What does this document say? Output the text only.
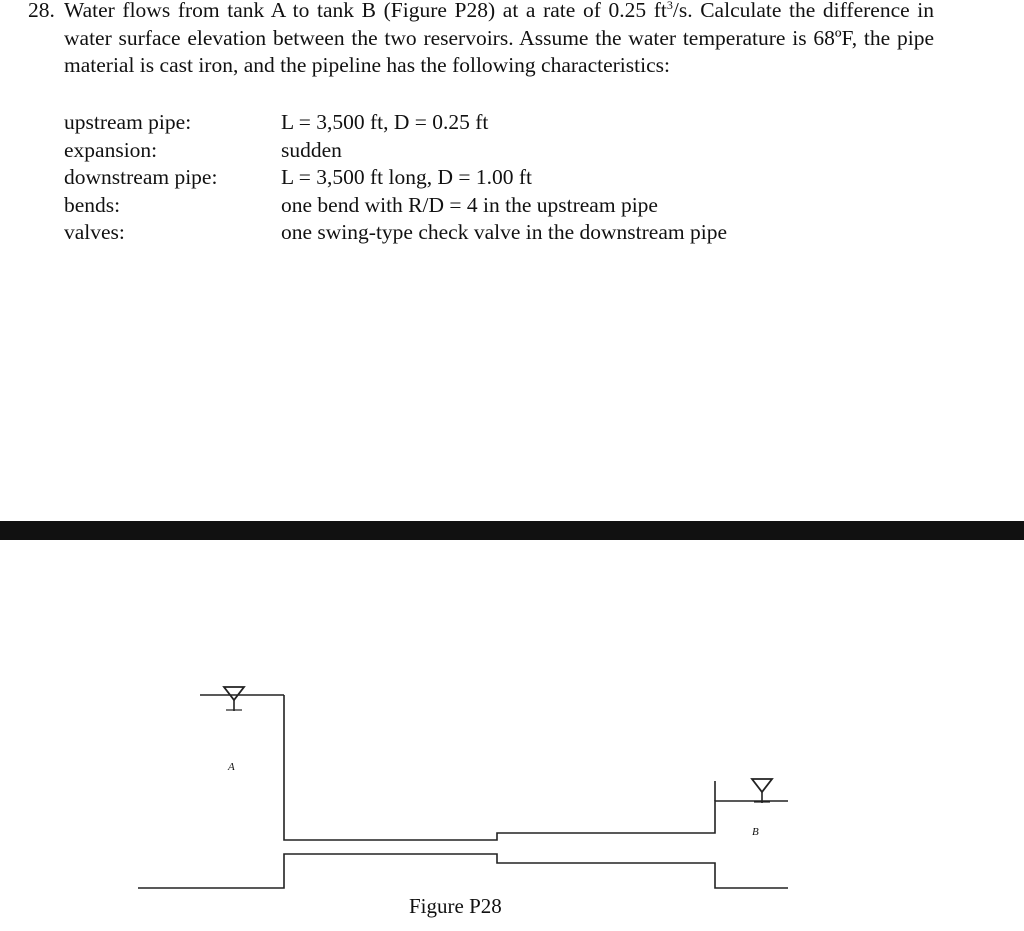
28. Water flows from tank A to tank B (Figure P28) at a rate of 0.25 $ft^3/s$. Calculate the difference in water surface elevation between the two reservoirs. Assume the water temperature is 68ºF, the pipe material is cast iron, and the pipeline has the following characteristics:
upstream pipe:	L = 3,500 ft, D = 0.25 ft
expansion:	sudden
downstream pipe:	L = 3,500 ft long, D = 1.00 ft
bends:	one bend with R/D = 4 in the upstream pipe
valves:	one swing-type check valve in the downstream pipe
A
B
Figure P28
